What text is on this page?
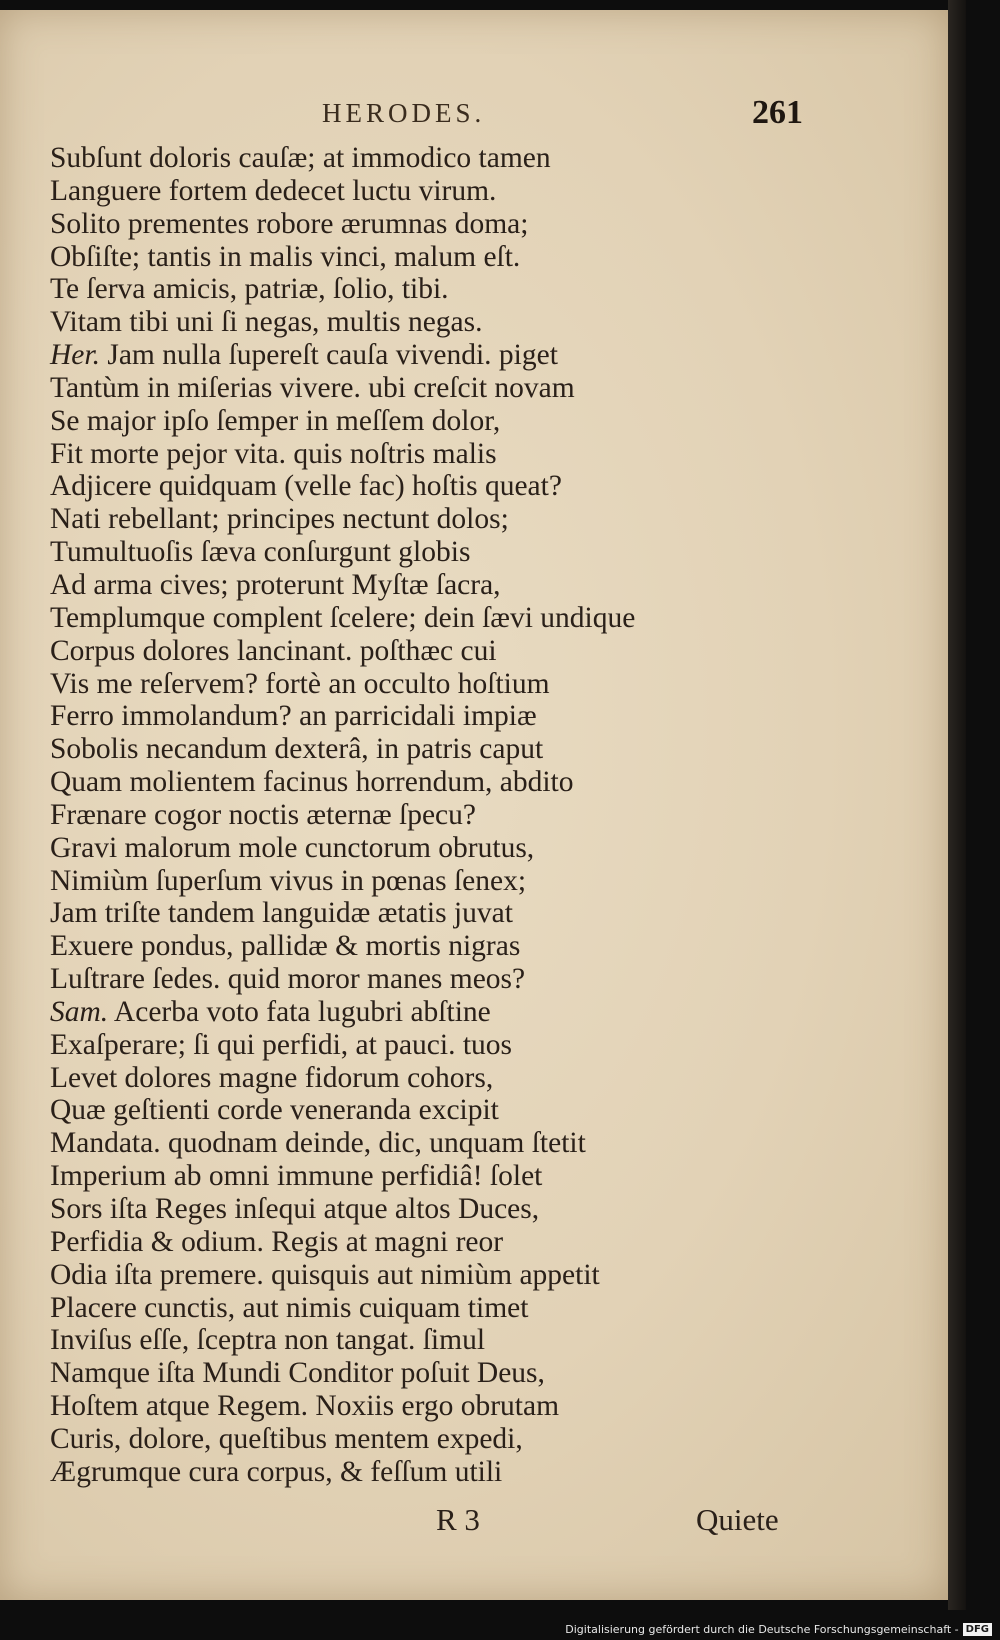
HERODES.	261
Subſunt doloris cauſæ; at immodico tamen
Languere fortem dedecet luctu virum.
Solito prementes robore ærumnas doma;
Obſiſte; tantis in malis vinci, malum eſt.
Te ſerva amicis, patriæ, ſolio, tibi.
Vitam tibi uni ſi negas, multis negas.
Her. Jam nulla ſupereſt cauſa vivendi. piget
Tantùm in miſerias vivere. ubi creſcit novam
Se major ipſo ſemper in meſſem dolor,
Fit morte pejor vita. quis noſtris malis
Adjicere quidquam (velle fac) hoſtis queat?
Nati rebellant; principes nectunt dolos;
Tumultuoſis ſæva conſurgunt globis
Ad arma cives; proterunt Myſtæ ſacra,
Templumque complent ſcelere; dein ſævi undique
Corpus dolores lancinant. poſthæc cui
Vis me reſervem? fortè an occulto hoſtium
Ferro immolandum? an parricidali impiæ
Sobolis necandum dexterâ, in patris caput
Quam molientem facinus horrendum, abdito
Frænare cogor noctis æternæ ſpecu?
Gravi malorum mole cunctorum obrutus,
Nimiùm ſuperſum vivus in pœnas ſenex;
Jam triſte tandem languidæ ætatis juvat
Exuere pondus, pallidæ & mortis nigras
Luſtrare ſedes. quid moror manes meos?
Sam. Acerba voto fata lugubri abſtine
Exaſperare; ſi qui perfidi, at pauci. tuos
Levet dolores magne fidorum cohors,
Quæ geſtienti corde veneranda excipit
Mandata. quodnam deinde, dic, unquam ſtetit
Imperium ab omni immune perfidiâ! ſolet
Sors iſta Reges inſequi atque altos Duces,
Perfidia & odium. Regis at magni reor
Odia iſta premere. quisquis aut nimiùm appetit
Placere cunctis, aut nimis cuiquam timet
Inviſus eſſe, ſceptra non tangat. ſimul
Namque iſta Mundi Conditor poſuit Deus,
Hoſtem atque Regem. Noxiis ergo obrutam
Curis, dolore, queſtibus mentem expedi,
Ægrumque cura corpus, & feſſum utili
R 3	Quiete
Digitalisierung gefördert durch die Deutsche Forschungsgemeinschaft - DFG
